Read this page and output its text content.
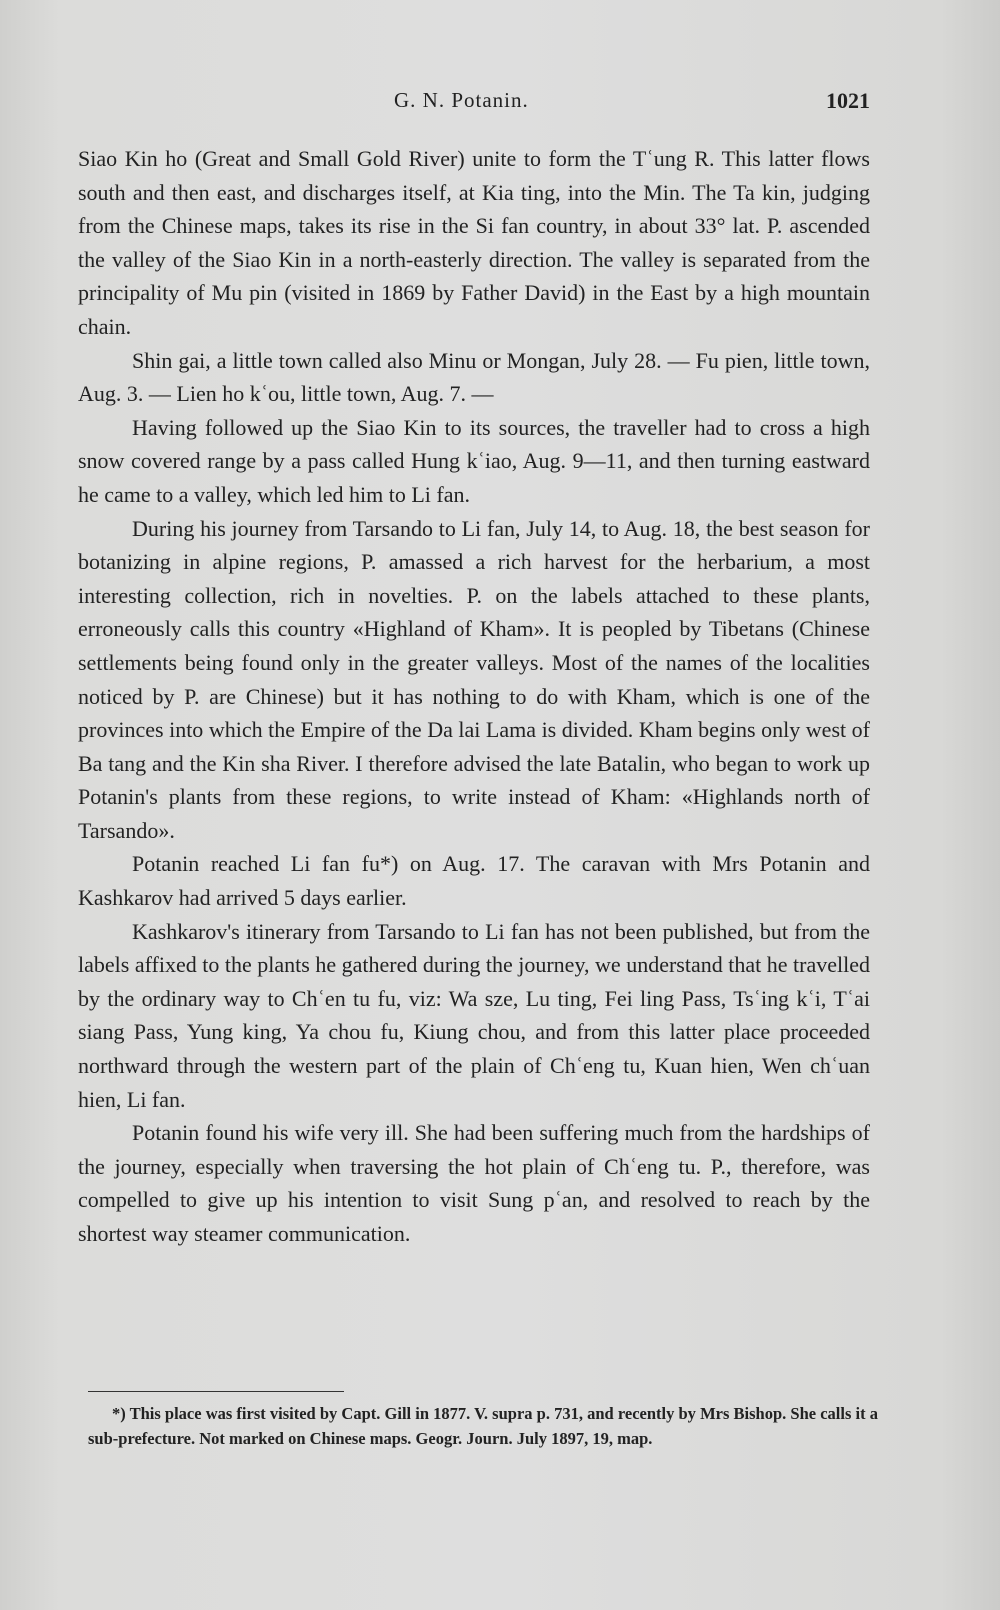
G. N. Potanin.	1021

Siao Kin ho (Great and Small Gold River) unite to form the Tʿung R. This latter flows south and then east, and discharges itself, at Kia ting, into the Min. The Ta kin, judging from the Chinese maps, takes its rise in the Si fan country, in about 33° lat. P. ascended the valley of the Siao Kin in a north-easterly direction. The valley is separated from the principality of Mu pin (visited in 1869 by Father David) in the East by a high mountain chain.

Shin gai, a little town called also Minu or Mongan, July 28. — Fu pien, little town, Aug. 3. — Lien ho kʿou, little town, Aug. 7. —

Having followed up the Siao Kin to its sources, the traveller had to cross a high snow covered range by a pass called Hung kʿiao, Aug. 9—11, and then turning eastward he came to a valley, which led him to Li fan.

During his journey from Tarsando to Li fan, July 14, to Aug. 18, the best season for botanizing in alpine regions, P. amassed a rich harvest for the herbarium, a most interesting collection, rich in novelties. P. on the labels attached to these plants, erroneously calls this country «Highland of Kham». It is peopled by Tibetans (Chinese settlements being found only in the greater valleys. Most of the names of the localities noticed by P. are Chinese) but it has nothing to do with Kham, which is one of the provinces into which the Empire of the Da lai Lama is divided. Kham begins only west of Ba tang and the Kin sha River. I therefore advised the late Batalin, who began to work up Potanin's plants from these regions, to write instead of Kham: «Highlands north of Tarsando».

Potanin reached Li fan fu*) on Aug. 17. The caravan with Mrs Potanin and Kashkarov had arrived 5 days earlier.

Kashkarov's itinerary from Tarsando to Li fan has not been published, but from the labels affixed to the plants he gathered during the journey, we understand that he travelled by the ordinary way to Chʿen tu fu, viz: Wa sze, Lu ting, Fei ling Pass, Tsʿing kʿi, Tʿai siang Pass, Yung king, Ya chou fu, Kiung chou, and from this latter place proceeded northward through the western part of the plain of Chʿeng tu, Kuan hien, Wen chʿuan hien, Li fan.

Potanin found his wife very ill. She had been suffering much from the hardships of the journey, especially when traversing the hot plain of Chʿeng tu. P., therefore, was compelled to give up his intention to visit Sung pʿan, and resolved to reach by the shortest way steamer communication.

*) This place was first visited by Capt. Gill in 1877. V. supra p. 731, and recently by Mrs Bishop. She calls it a sub-prefecture. Not marked on Chinese maps. Geogr. Journ. July 1897, 19, map.
